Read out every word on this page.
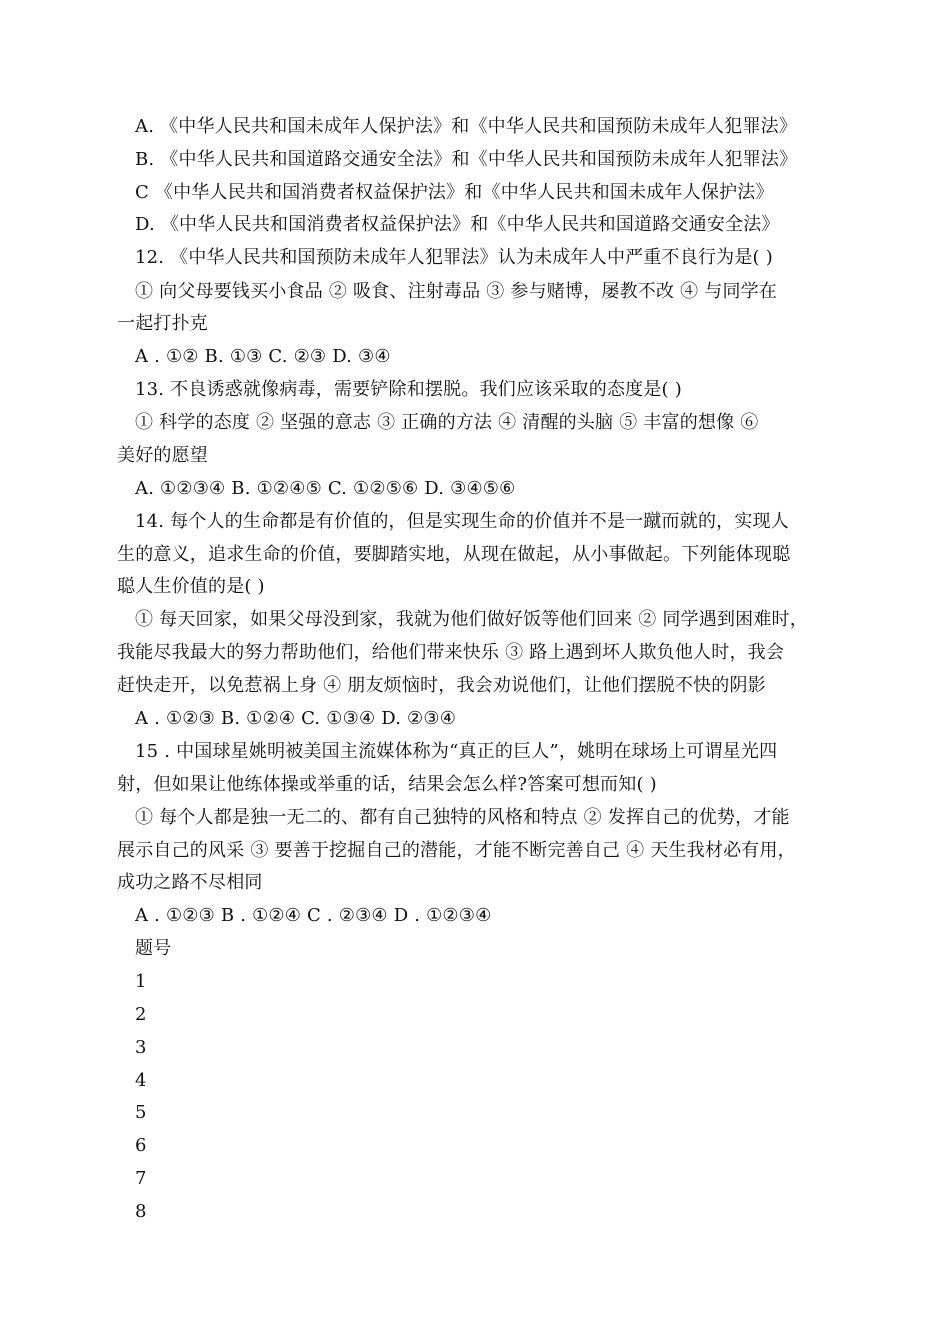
A. 《中华人民共和国未成年人保护法》和《中华人民共和国预防未成年人犯罪法》
B. 《中华人民共和国道路交通安全法》和《中华人民共和国预防未成年人犯罪法》
C 《中华人民共和国消费者权益保护法》和《中华人民共和国未成年人保护法》
D. 《中华人民共和国消费者权益保护法》和《中华人民共和国道路交通安全法》
12. 《中华人民共和国预防未成年人犯罪法》认为未成年人中严重不良行为是( )
① 向父母要钱买小食品 ② 吸食、注射毒品 ③ 参与赌博，屡教不改 ④ 与同学在
一起打扑克
A . ①② B. ①③ C. ②③ D. ③④
13. 不良诱惑就像病毒，需要铲除和摆脱。我们应该采取的态度是( )
① 科学的态度 ② 坚强的意志 ③ 正确的方法 ④ 清醒的头脑 ⑤ 丰富的想像 ⑥
美好的愿望
A. ①②③④ B. ①②④⑤ C. ①②⑤⑥ D. ③④⑤⑥
14. 每个人的生命都是有价值的，但是实现生命的价值并不是一蹴而就的，实现人
生的意义，追求生命的价值，要脚踏实地，从现在做起，从小事做起。下列能体现聪
聪人生价值的是( )
① 每天回家，如果父母没到家，我就为他们做好饭等他们回来 ② 同学遇到困难时，
我能尽我最大的努力帮助他们，给他们带来快乐 ③ 路上遇到坏人欺负他人时，我会
赶快走开，以免惹祸上身 ④ 朋友烦恼时，我会劝说他们，让他们摆脱不快的阴影
A . ①②③ B. ①②④ C. ①③④ D. ②③④
15 . 中国球星姚明被美国主流媒体称为“真正的巨人”，姚明在球场上可谓星光四
射，但如果让他练体操或举重的话，结果会怎么样?答案可想而知( )
① 每个人都是独一无二的、都有自己独特的风格和特点 ② 发挥自己的优势，才能
展示自己的风采 ③ 要善于挖掘自己的潜能，才能不断完善自己 ④ 天生我材必有用，
成功之路不尽相同
A . ①②③ B . ①②④ C . ②③④ D . ①②③④
题号
1
2
3
4
5
6
7
8
